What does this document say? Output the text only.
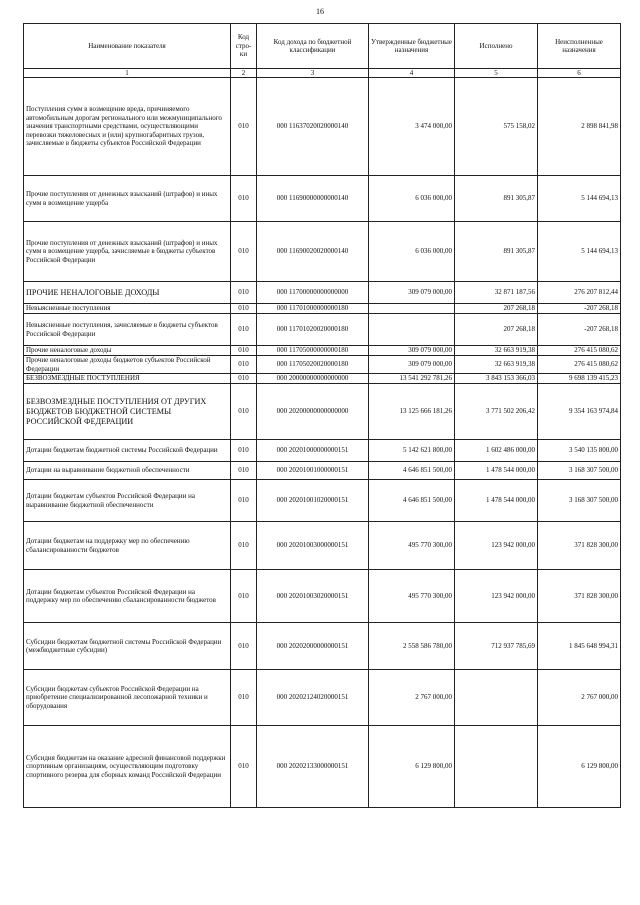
16
Наименование показателя	Код стро-ки	Код дохода по бюджетной классификации	Утвержденные бюджетные назначения	Исполнено	Неисполненные назначения
1	2	3	4	5	6
Поступления сумм в возмещение вреда, причиняемого автомобильным дорогам регионального или межмуниципального значения транспортными средствами, осуществляющими перевозки тяжеловесных и (или) крупногабаритных грузов, зачисляемые в бюджеты субъектов Российской Федерации	010	000 11637020020000140	3 474 000,00	575 158,02	2 898 841,98
Прочие поступления от денежных взысканий (штрафов) и иных сумм в возмещение ущерба	010	000 11690000000000140	6 036 000,00	891 305,87	5 144 694,13
Прочие поступления от денежных взысканий (штрафов) и иных сумм в возмещение ущерба, зачисляемые в бюджеты субъектов Российской Федерации	010	000 11690020020000140	6 036 000,00	891 305,87	5 144 694,13
ПРОЧИЕ НЕНАЛОГОВЫЕ ДОХОДЫ	010	000 11700000000000000	309 079 000,00	32 871 187,56	276 207 812,44
Невыясненные поступления	010	000 11701000000000180		207 268,18	-207 268,18
Невыясненные поступления, зачисляемые в бюджеты субъектов Российской Федерации	010	000 11701020020000180		207 268,18	-207 268,18
Прочие неналоговые доходы	010	000 11705000000000180	309 079 000,00	32 663 919,38	276 415 080,62
Прочие неналоговые доходы бюджетов субъектов Российской Федерации	010	000 11705020020000180	309 079 000,00	32 663 919,38	276 415 080,62
БЕЗВОЗМЕЗДНЫЕ ПОСТУПЛЕНИЯ	010	000 20000000000000000	13 541 292 781,26	3 843 153 366,03	9 698 139 415,23
БЕЗВОЗМЕЗДНЫЕ ПОСТУПЛЕНИЯ ОТ ДРУГИХ БЮДЖЕТОВ БЮДЖЕТНОЙ СИСТЕМЫ РОССИЙСКОЙ ФЕДЕРАЦИИ	010	000 20200000000000000	13 125 666 181,26	3 771 502 206,42	9 354 163 974,84
Дотации бюджетам бюджетной системы Российской Федерации	010	000 20201000000000151	5 142 621 800,00	1 602 486 000,00	3 540 135 800,00
Дотации на выравнивание бюджетной обеспеченности	010	000 20201001000000151	4 646 851 500,00	1 478 544 000,00	3 168 307 500,00
Дотации бюджетам субъектов Российской Федерации на выравнивание бюджетной обеспеченности	010	000 20201001020000151	4 646 851 500,00	1 478 544 000,00	3 168 307 500,00
Дотации бюджетам на поддержку мер по обеспечению сбалансированности бюджетов	010	000 20201003000000151	495 770 300,00	123 942 000,00	371 828 300,00
Дотации бюджетам субъектов Российской Федерации на поддержку мер по обеспечению сбалансированности бюджетов	010	000 20201003020000151	495 770 300,00	123 942 000,00	371 828 300,00
Субсидии бюджетам бюджетной системы Российской Федерации (межбюджетные субсидии)	010	000 20202000000000151	2 558 586 780,00	712 937 785,69	1 845 648 994,31
Субсидии бюджетам субъектов Российской Федерации на приобретение специализированной лесопожарной техники и оборудования	010	000 20202124020000151	2 767 000,00		2 767 000,00
Субсидия бюджетам на оказание адресной финансовой поддержки спортивным организациям, осуществляющим подготовку спортивного резерва для сборных команд Российской Федерации	010	000 20202133000000151	6 129 800,00		6 129 800,00
